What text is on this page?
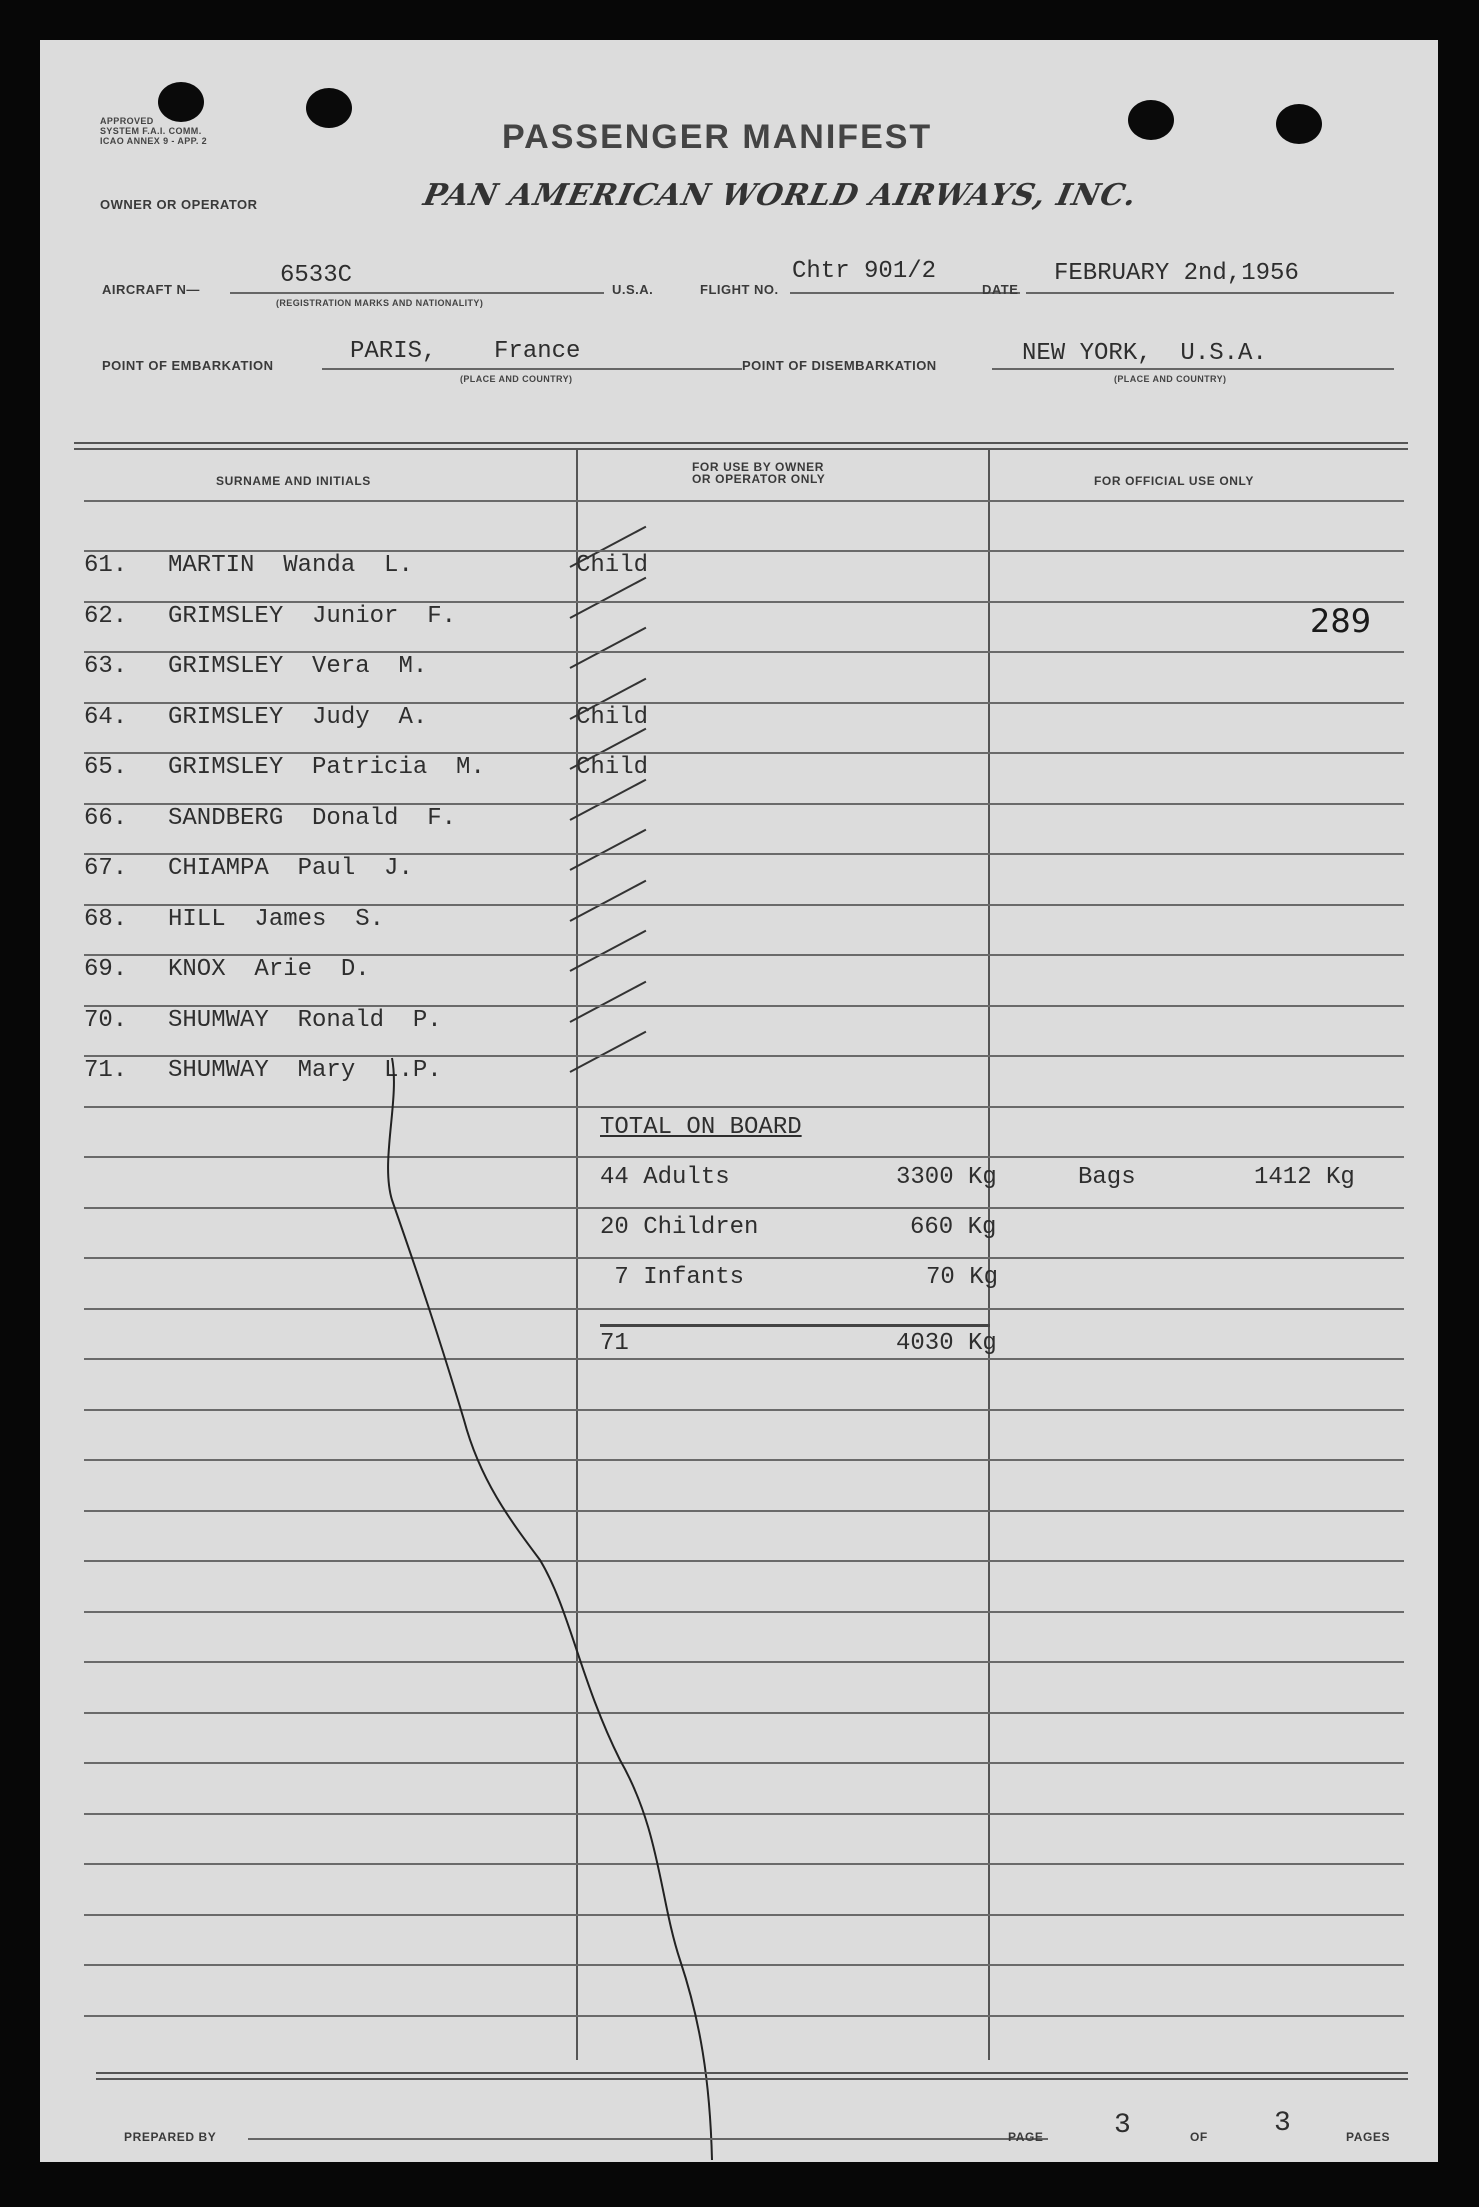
APPROVED
SYSTEM F.A.I. COMM.
ICAO ANNEX 9 - APP. 2	PASSENGER MANIFEST
OWNER OR OPERATOR	PAN AMERICAN WORLD AIRWAYS, INC.
AIRCRAFT N—
6533C
(REGISTRATION MARKS AND NATIONALITY)
U.S.A.	FLIGHT NO.
Chtr 901/2
DATE
FEBRUARY 2nd,1956
POINT OF EMBARKATION
PARIS,    France
(PLACE AND COUNTRY)
POINT OF DISEMBARKATION	NEW YORK,  U.S.A.
(PLACE AND COUNTRY)
SURNAME AND INITIALS
FOR USE BY OWNER
OR OPERATOR ONLY	FOR OFFICIAL USE ONLY
61. MARTIN  Wanda  L.	Child
62. GRIMSLEY  Junior  F.
63. GRIMSLEY  Vera  M.
64. GRIMSLEY  Judy  A.	Child
65. GRIMSLEY  Patricia  M.	Child
66. SANDBERG  Donald  F.
67. CHIAMPA  Paul  J.
68. HILL  James  S.
69. KNOX  Arie  D.
70. SHUMWAY  Ronald  P.
71. SHUMWAY  Mary  L.P.
289
TOTAL ON BOARD
44 Adults	3300 Kg	Bags	1412 Kg
20 Children	660 Kg
7 Infants	70 Kg
71	4030 Kg
PREPARED BY	PAGE	3	OF 3	PAGES
